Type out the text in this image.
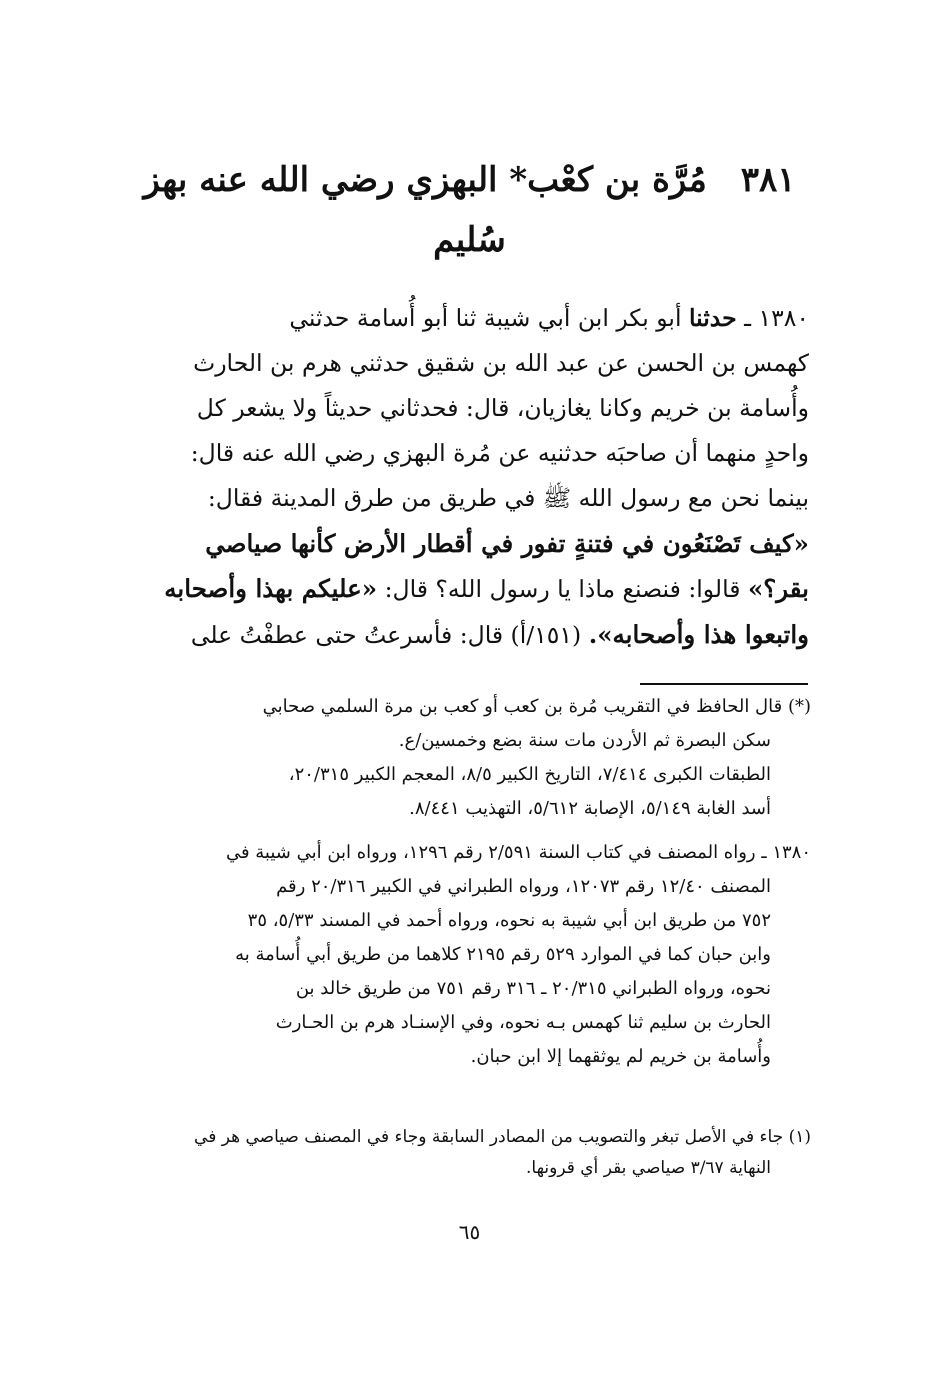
٣٨١ مُرَّة بن كعْب* البهزي رضي الله عنه بهز سُليم

١٣٨٠ ـ حدثنا أبو بكر ابن أبي شيبة ثنا أبو أُسامة حدثني

كهمس بن الحسن عن عبد الله بن شقيق حدثني هرم بن الحارث

وأُسامة بن خريم وكانا يغازيان، قال: فحدثاني حديثاً ولا يشعر كل

واحدٍ منهما أن صاحبَه حدثنيه عن مُرة البهزي رضي الله عنه قال:

بينما نحن مع رسول الله ﷺ في طريق من طرق المدينة فقال:

«كيف تَصْنَعُون في فتنةٍ تفور في أقطار الأرض كأنها صياصي

بقر؟» قالوا: فنصنع ماذا يا رسول الله؟ قال: «عليكم بهذا وأصحابه

واتبعوا هذا وأصحابه». (١٥١/أ) قال: فأسرعتُ حتى عطفْتُ على

(*) قال الحافظ في التقريب مُرة بن كعب أو كعب بن مرة السلمي صحابي
سكن البصرة ثم الأردن مات سنة بضع وخمسين/ع.
الطبقات الكبرى ٧/٤١٤، التاريخ الكبير ٨/٥، المعجم الكبير ٢٠/٣١٥،
أسد الغابة ٥/١٤٩، الإصابة ٥/٦١٢، التهذيب ٨/٤٤١.
١٣٨٠ ـ رواه المصنف في كتاب السنة ٢/٥٩١ رقم ١٢٩٦، ورواه ابن أبي شيبة في
المصنف ١٢/٤٠ رقم ١٢٠٧٣، ورواه الطبراني في الكبير ٢٠/٣١٦ رقم
٧٥٢ من طريق ابن أبي شيبة به نحوه، ورواه أحمد في المسند ٥/٣٣، ٣٥
وابن حبان كما في الموارد ٥٢٩ رقم ٢١٩٥ كلاهما من طريق أبي أُسامة به
نحوه، ورواه الطبراني ٢٠/٣١٥ ـ ٣١٦ رقم ٧٥١ من طريق خالد بن
الحارث بن سليم ثنا كهمس بـه نحوه، وفي الإسنـاد هرم بن الحـارث
وأُسامة بن خريم لم يوثقهما إلا ابن حبان.
(١) جاء في الأصل تبغر والتصويب من المصادر السابقة وجاء في المصنف صياصي هر في
النهاية ٣/٦٧ صياصي بقر أي قرونها.
٦٥
